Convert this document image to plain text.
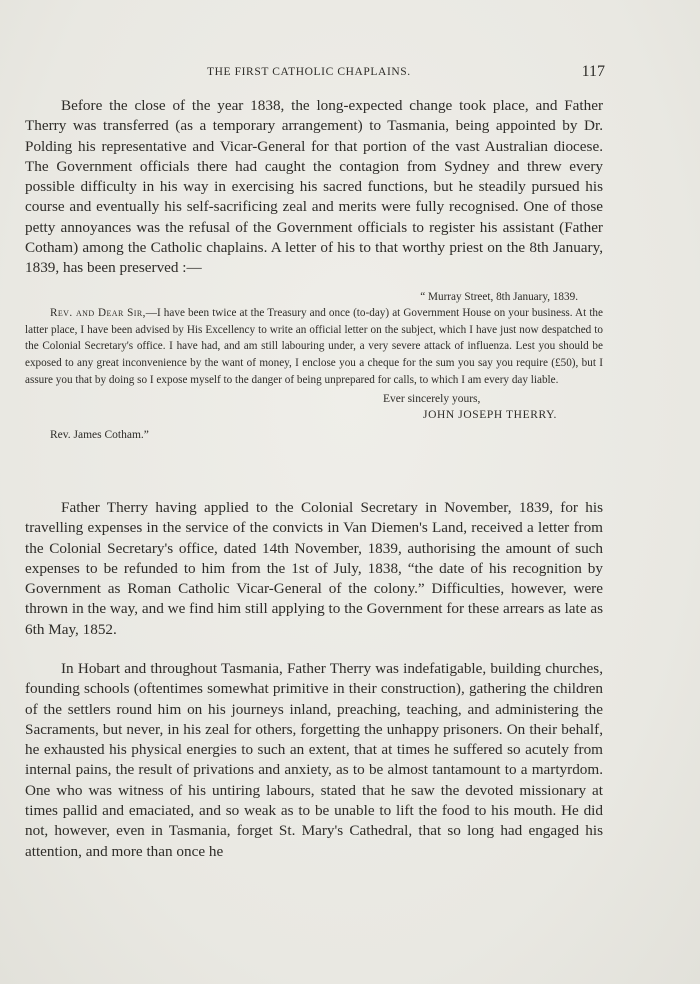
THE FIRST CATHOLIC CHAPLAINS.	117

Before the close of the year 1838, the long-expected change took place, and Father Therry was transferred (as a temporary arrangement) to Tasmania, being appointed by Dr. Polding his representative and Vicar-General for that portion of the vast Australian diocese. The Government officials there had caught the contagion from Sydney and threw every possible difficulty in his way in exercising his sacred functions, but he steadily pursued his course and eventually his self-sacrificing zeal and merits were fully recognised. One of those petty annoyances was the refusal of the Government officials to register his assistant (Father Cotham) among the Catholic chaplains. A letter of his to that worthy priest on the 8th January, 1839, has been preserved :—

“ Murray Street, 8th January, 1839.

Rev. and Dear Sir,—I have been twice at the Treasury and once (to-day) at Government House on your business. At the latter place, I have been advised by His Excellency to write an official letter on the subject, which I have just now despatched to the Colonial Secretary's office. I have had, and am still labouring under, a very severe attack of influenza. Lest you should be exposed to any great inconvenience by the want of money, I enclose you a cheque for the sum you say you require (£50), but I assure you that by doing so I expose myself to the danger of being unprepared for calls, to which I am every day liable.

Ever sincerely yours,

JOHN JOSEPH THERRY.

Rev. James Cotham.”

Father Therry having applied to the Colonial Secretary in November, 1839, for his travelling expenses in the service of the convicts in Van Diemen's Land, received a letter from the Colonial Secretary's office, dated 14th November, 1839, authorising the amount of such expenses to be refunded to him from the 1st of July, 1838, “the date of his recognition by Government as Roman Catholic Vicar-General of the colony.” Difficulties, however, were thrown in the way, and we find him still applying to the Government for these arrears as late as 6th May, 1852.

In Hobart and throughout Tasmania, Father Therry was indefatigable, building churches, founding schools (oftentimes somewhat primitive in their construction), gathering the children of the settlers round him on his journeys inland, preaching, teaching, and administering the Sacraments, but never, in his zeal for others, forgetting the unhappy prisoners. On their behalf, he exhausted his physical energies to such an extent, that at times he suffered so acutely from internal pains, the result of privations and anxiety, as to be almost tantamount to a martyrdom. One who was witness of his untiring labours, stated that he saw the devoted missionary at times pallid and emaciated, and so weak as to be unable to lift the food to his mouth. He did not, however, even in Tasmania, forget St. Mary's Cathedral, that so long had engaged his attention, and more than once he
